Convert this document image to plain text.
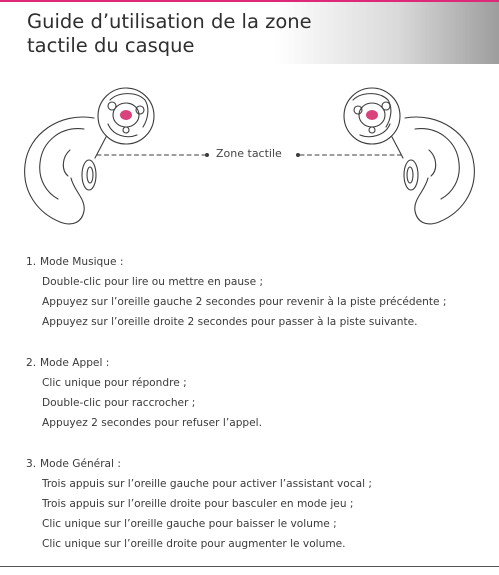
Guide d’utilisation de la zone
tactile du casque
Zone tactile
1. Mode Musique :
Double-clic pour lire ou mettre en pause ;
Appuyez sur l’oreille gauche 2 secondes pour revenir à la piste précédente ;
Appuyez sur l’oreille droite 2 secondes pour passer à la piste suivante.
2. Mode Appel :
Clic unique pour répondre ;
Double-clic pour raccrocher ;
Appuyez 2 secondes pour refuser l’appel.
3. Mode Général :
Trois appuis sur l’oreille gauche pour activer l’assistant vocal ;
Trois appuis sur l’oreille droite pour basculer en mode jeu ;
Clic unique sur l’oreille gauche pour baisser le volume ;
Clic unique sur l’oreille droite pour augmenter le volume.
